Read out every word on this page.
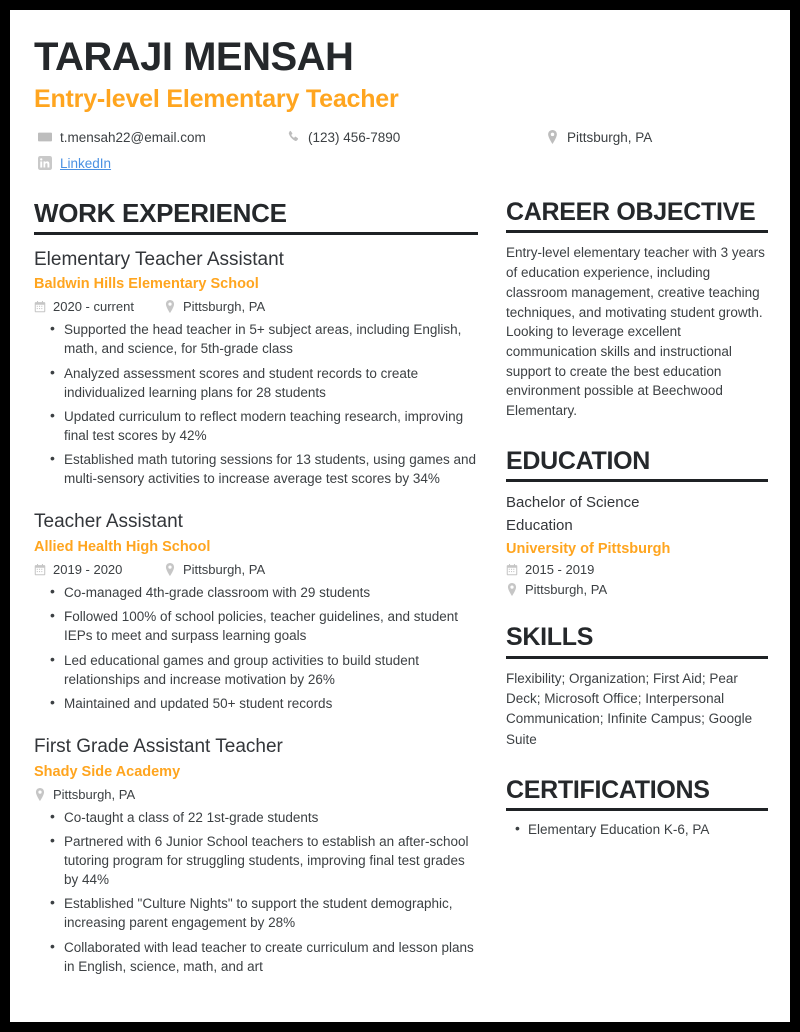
TARAJI MENSAH
Entry-level Elementary Teacher
t.mensah22@email.com	(123) 456-7890	Pittsburgh, PA
LinkedIn
WORK EXPERIENCE
Elementary Teacher Assistant
Baldwin Hills Elementary School
2020 - current	Pittsburgh, PA
• Supported the head teacher in 5+ subject areas, including English, math, and science, for 5th-grade class
• Analyzed assessment scores and student records to create individualized learning plans for 28 students
• Updated curriculum to reflect modern teaching research, improving final test scores by 42%
• Established math tutoring sessions for 13 students, using games and multi-sensory activities to increase average test scores by 34%
Teacher Assistant
Allied Health High School
2019 - 2020	Pittsburgh, PA
• Co-managed 4th-grade classroom with 29 students
• Followed 100% of school policies, teacher guidelines, and student IEPs to meet and surpass learning goals
• Led educational games and group activities to build student relationships and increase motivation by 26%
• Maintained and updated 50+ student records
First Grade Assistant Teacher
Shady Side Academy
Pittsburgh, PA
• Co-taught a class of 22 1st-grade students
• Partnered with 6 Junior School teachers to establish an after-school tutoring program for struggling students, improving final test grades by 44%
• Established "Culture Nights" to support the student demographic, increasing parent engagement by 28%
• Collaborated with lead teacher to create curriculum and lesson plans in English, science, math, and art
CAREER OBJECTIVE
Entry-level elementary teacher with 3 years of education experience, including classroom management, creative teaching techniques, and motivating student growth. Looking to leverage excellent communication skills and instructional support to create the best education environment possible at Beechwood Elementary.
EDUCATION
Bachelor of Science
Education
University of Pittsburgh
2015 - 2019
Pittsburgh, PA
SKILLS
Flexibility; Organization; First Aid; Pear Deck; Microsoft Office; Interpersonal Communication; Infinite Campus; Google Suite
CERTIFICATIONS
• Elementary Education K-6, PA
